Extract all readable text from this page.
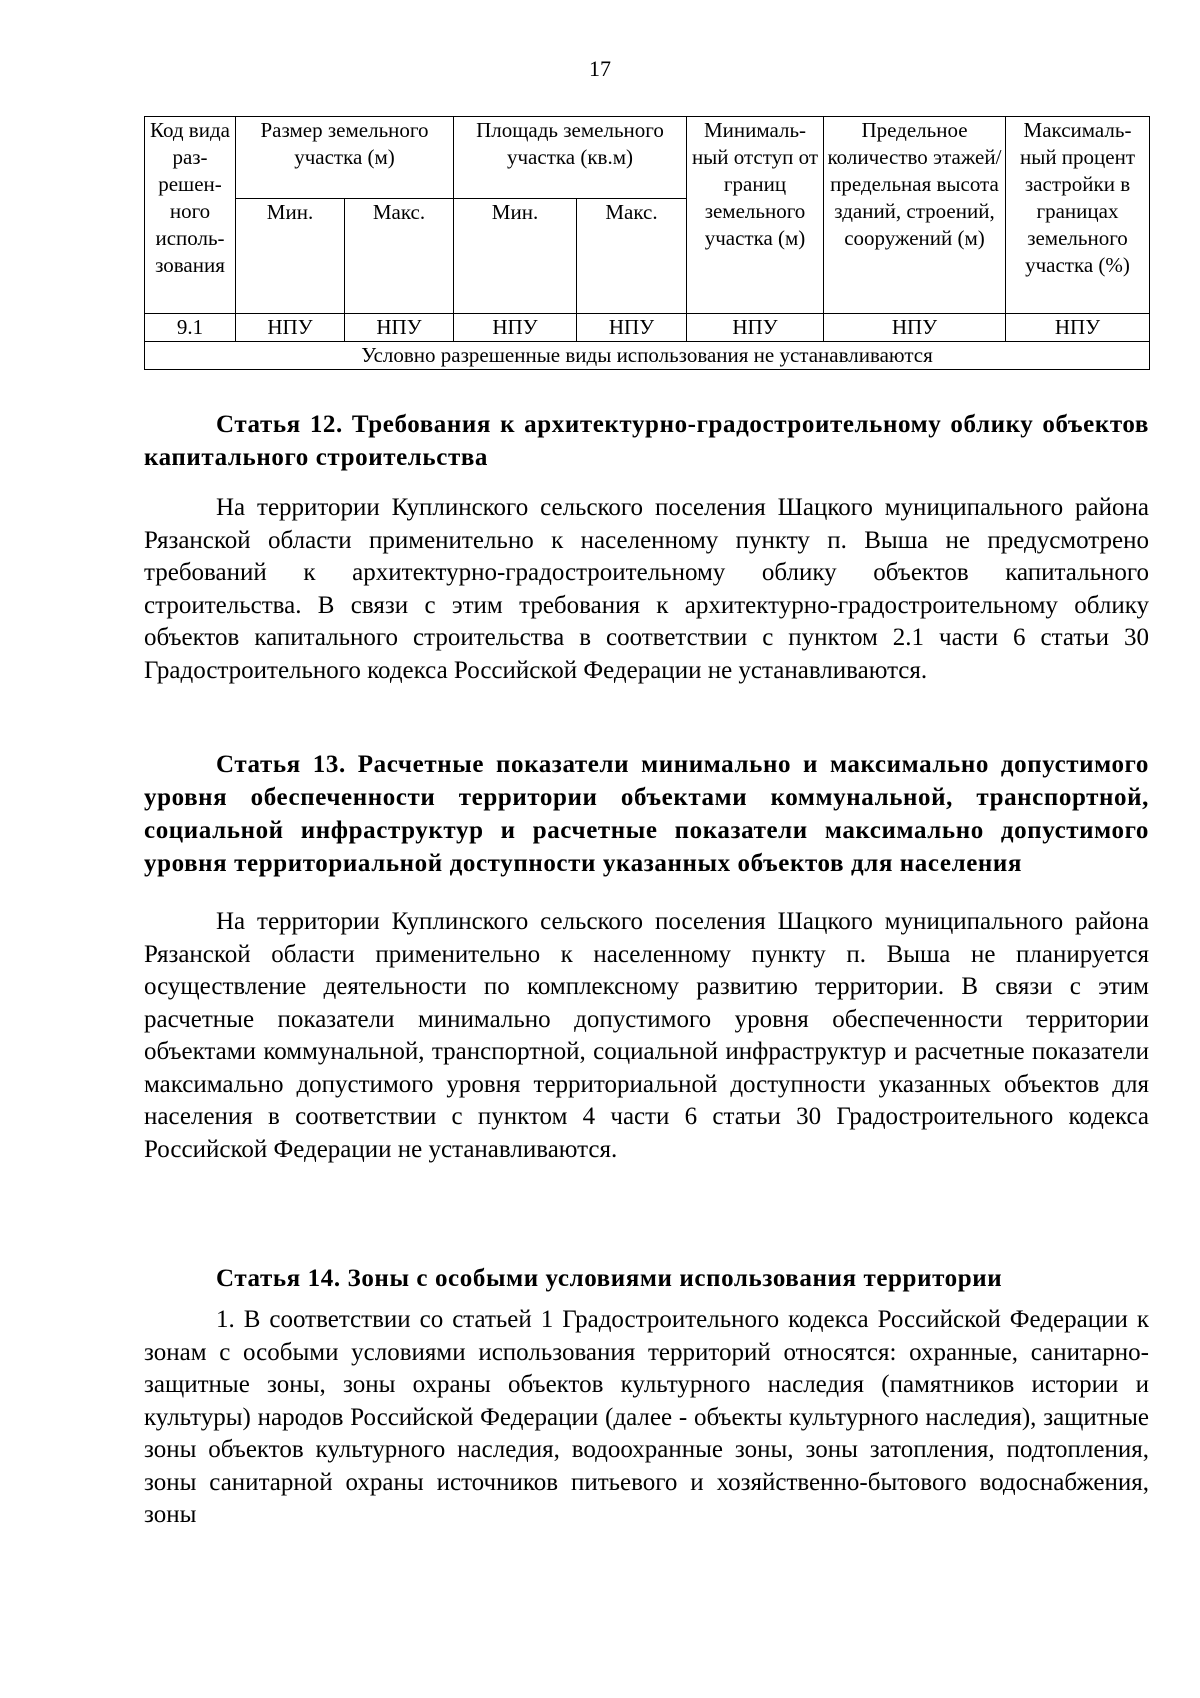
17
Код вида раз-решен-ного исполь-зования	Размер земельного участка (м)		Площадь земельного участка (кв.м)		Минималь-ный отступ от границ земельного участка (м)	Предельное количество этажей/ предельная высота зданий, строений, сооружений (м)	Максималь-ный процент застройки в границах земельного участка (%)
	Мин.	Макс.	Мин.	Макс.			
9.1	НПУ	НПУ	НПУ	НПУ	НПУ	НПУ	НПУ
Условно разрешенные виды использования не устанавливаются							

Статья 12. Требования к архитектурно-градостроительному облику объектов капитального строительства

На территории Куплинского сельского поселения Шацкого муниципального района Рязанской области применительно к населенному пункту п. Выша не предусмотрено требований к архитектурно-градостроительному облику объектов капитального строительства. В связи с этим требования к архитектурно-градостроительному облику объектов капитального строительства в соответствии с пунктом 2.1 части 6 статьи 30 Градостроительного кодекса Российской Федерации не устанавливаются.

Статья 13. Расчетные показатели минимально и максимально допустимого уровня обеспеченности территории объектами коммунальной, транспортной, социальной инфраструктур и расчетные показатели максимально допустимого уровня территориальной доступности указанных объектов для населения

На территории Куплинского сельского поселения Шацкого муниципального района Рязанской области применительно к населенному пункту п. Выша не планируется осуществление деятельности по комплексному развитию территории. В связи с этим расчетные показатели минимально допустимого уровня обеспеченности территории объектами коммунальной, транспортной, социальной инфраструктур и расчетные показатели максимально допустимого уровня территориальной доступности указанных объектов для населения в соответствии с пунктом 4 части 6 статьи 30 Градостроительного кодекса Российской Федерации не устанавливаются.

Статья 14. Зоны с особыми условиями использования территории

1. В соответствии со статьей 1 Градостроительного кодекса Российской Федерации к зонам с особыми условиями использования территорий относятся: охранные, санитарно-защитные зоны, зоны охраны объектов культурного наследия (памятников истории и культуры) народов Российской Федерации (далее - объекты культурного наследия), защитные зоны объектов культурного наследия, водоохранные зоны, зоны затопления, подтопления, зоны санитарной охраны источников питьевого и хозяйственно-бытового водоснабжения, зоны
